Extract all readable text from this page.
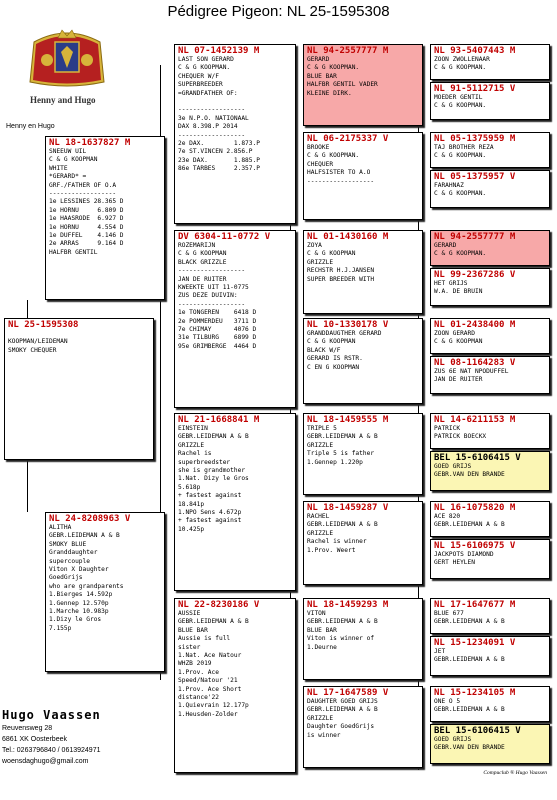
Pédigree Pigeon: NL 25-1595308
Henny and Hugo
Henny en Hugo
NL 25-1595308

KOOPMAN/LEIDEMAN
SMOKY CHEQUER
NL 18-1637827 M
SNEEUW UIL
C & G KOOPMAN
WHITE
*GERARD* =
GRF./FATHER OF O.A
------------------
1e LESSINES 28.365 D
1e HORNU     6.809 D
1e HAASRODE  6.927 D
1e HORNU     4.554 D
1e DUFFEL    4.146 D
2e ARRAS     9.164 D
HALFBR GENTIL
NL 24-8208963 V
ALITHA
GEBR.LEIDEMAN A & B
SMOKY BLUE
Granddaughter
supercouple
Viton X Daughter
GoedGrijs
who are grandparents
1.Bierges 14.592p
1.Gennep 12.570p
1.Marche 10.983p
1.Dizy le Gros
7.155p
NL 07-1452139 M
LAST SON GERARD
C & G KOOPMAN.
CHEQUER W/F
SUPERBREEDER
=GRANDFATHER OF:

------------------
3e N.P.O. NATIONAAL
DAX 8.398.P 2014
------------------
2e DAX.        1.873.P
7e ST.VINCEN 2.856.P
23e DAX.       1.885.P
86e TARBES     2.357.P
DV 6304-11-0772 V
ROZEMARIJN
C & G KOOPMAN
BLACK GRIZZLE
------------------
JAN DE RUITER
KWEEKTE UIT 11-0775
ZUS DEZE DUIVIN:
------------------
1e TONGEREN    6418 D
2e POMMERDEU   3711 D
7e CHIMAY      4076 D
31e TILBURG    6899 D
95e GRIMBERGE  4464 D
NL 21-1668841 M
EINSTEIN
GEBR.LEIDEMAN A & B
GRIZZLE
Rachel is
superbreedster
she is grandmother
1.Nat. Dizy le Gros
5.618p
+ fastest against
18.841p
1.NPO Sens 4.672p
+ fastest against
10.425p
NL 22-8230186 V
AUSSIE
GEBR.LEIDEMAN A & B
BLUE BAR
Aussie is full
sister
1.Nat. Ace Natour
WHZB 2019
1.Prov. Ace
Speed/Natour '21
1.Prov. Ace Short
distance'22
1.Quievrain 12.177p
1.Heusden-Zolder
NL 94-2557777 M
GERARD
C & G KOOPMAN.
BLUE BAR
HALFBR GENTIL VADER
KLEINE DIRK.
NL 06-2175337 V
BROOKE
C & G KOOPMAN.
CHEQUER
HALFSISTER TO A.O
------------------
NL 01-1430160 M
ZOYA
C & G KOOPMAN
GRIZZLE
RECHSTR H.J.JANSEN
SUPER BREEDER WITH
NL 10-1330178 V
GRANDDAUGTHER GERARD
C & G KOOPMAN
BLACK W/F
GERARD IS RSTR.
C EN G KOOPMAN
NL 18-1459555 M
TRIPLE 5
GEBR.LEIDEMAN A & B
GRIZZLE
Triple 5 is father
1.Gennep 1.220p
NL 18-1459287 V
RACHEL
GEBR.LEIDEMAN A & B
GRIZZLE
Rachel is winner
1.Prov. Weert
NL 18-1459293 M
VITON
GEBR.LEIDEMAN A & B
BLUE BAR
Viton is winner of
1.Deurne
NL 17-1647589 V
DAUGHTER GOED GRIJS
GEBR.LEIDEMAN A & B
GRIZZLE
Daughter GoedGrijs
is winner
NL 93-5407443 M
ZOON ZWOLLENAAR
C & G KOOPMAN.
NL 91-5112715 V
MOEDER GENTIL
C & G KOOPMAN.
NL 05-1375959 M
TAJ BROTHER REZA
C & G KOOPMAN.
NL 05-1375957 V
FARAHNAZ
C & G KOOPMAN.
NL 94-2557777 M
GERARD
C & G KOOPMAN.
NL 99-2367286 V
HET GRIJS
W.A. DE BRUIN
NL 01-2438400 M
ZOON GERARD
C & G KOOPMAN
NL 08-1164283 V
ZUS 6E NAT NPODUFFEL
JAN DE RUITER
NL 14-6211153 M
PATRICK
PATRICK BOECKX
BEL 15-6106415 V
GOED GRIJS
GEBR.VAN DEN BRANDE
NL 16-1075820 M
ACE 820
GEBR.LEIDEMAN A & B
NL 15-6106975 V
JACKPOTS DIAMOND
GERT HEYLEN
NL 17-1647677 M
BLUE 677
GEBR.LEIDEMAN A & B
NL 15-1234091 V
JET
GEBR.LEIDEMAN A & B
NL 15-1234105 M
ONE O 5
GEBR.LEIDEMAN A & B
BEL 15-6106415 V
GOED GRIJS
GEBR.VAN DEN BRANDE
Hugo Vaassen
Reuvensweg 28
6861 XK Oosterbeek
Tel.: 0263796840 / 0613924971
woensdaghugo@gmail.com
Compuclub ® Hugo Vaassen
